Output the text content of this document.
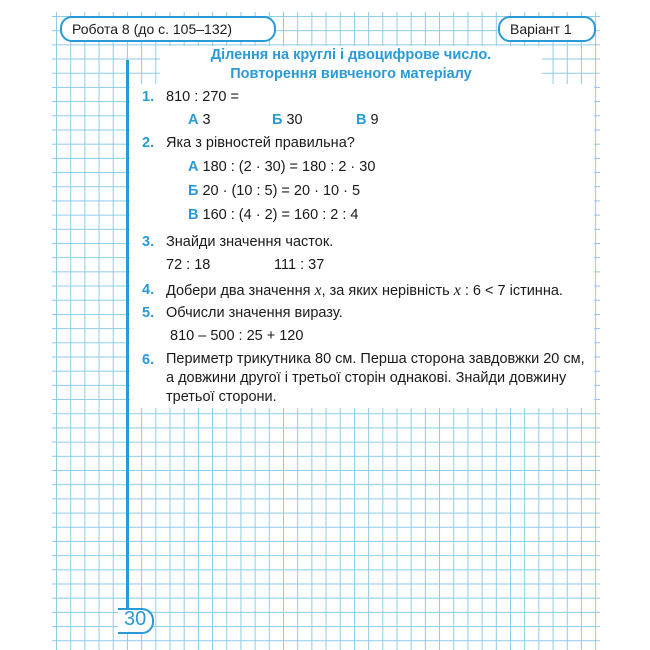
Робота 8 (до с. 105–132)	Варіант 1
Ділення на круглі і двоцифрове число.
Повторення вивченого матеріалу
1. 810 : 270 =
А 3	Б 30	В 9
2. Яка з рівностей правильна?
А 180 : (2 · 30) = 180 : 2 · 30
Б 20 · (10 : 5) = 20 · 10 · 5
В 160 : (4 · 2) = 160 : 2 : 4
3. Знайди значення часток.
72 : 18	111 : 37
4. Добери два значення x, за яких нерівність x : 6 < 7 істинна.
5. Обчисли значення виразу.
810 – 500 : 25 + 120
6. Периметр трикутника 80 см. Перша сторона завдовжки 20 см,
а довжини другої і третьої сторін однакові. Знайди довжину
третьої сторони.
30
